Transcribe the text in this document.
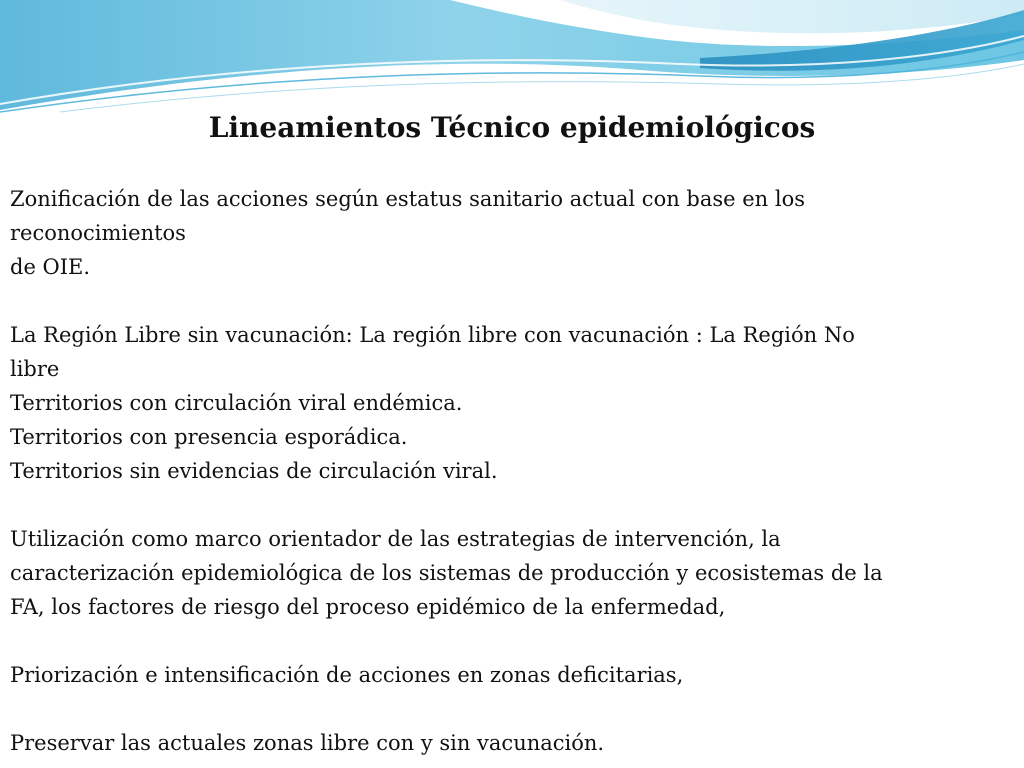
Lineamientos Técnico epidemiológicos
Zonificación de las acciones según estatus sanitario actual con base en los
reconocimientos
de OIE.
La Región Libre sin vacunación: La región libre con vacunación : La Región No
libre
Territorios con circulación viral endémica.
Territorios con presencia esporádica.
Territorios sin evidencias de circulación viral.
Utilización como marco orientador de las estrategias de intervención, la
caracterización epidemiológica de los sistemas de producción y ecosistemas de la
FA, los factores de riesgo del proceso epidémico de la enfermedad,
Priorización e intensificación de acciones en zonas deficitarias,
Preservar las actuales zonas libre con y sin vacunación.
